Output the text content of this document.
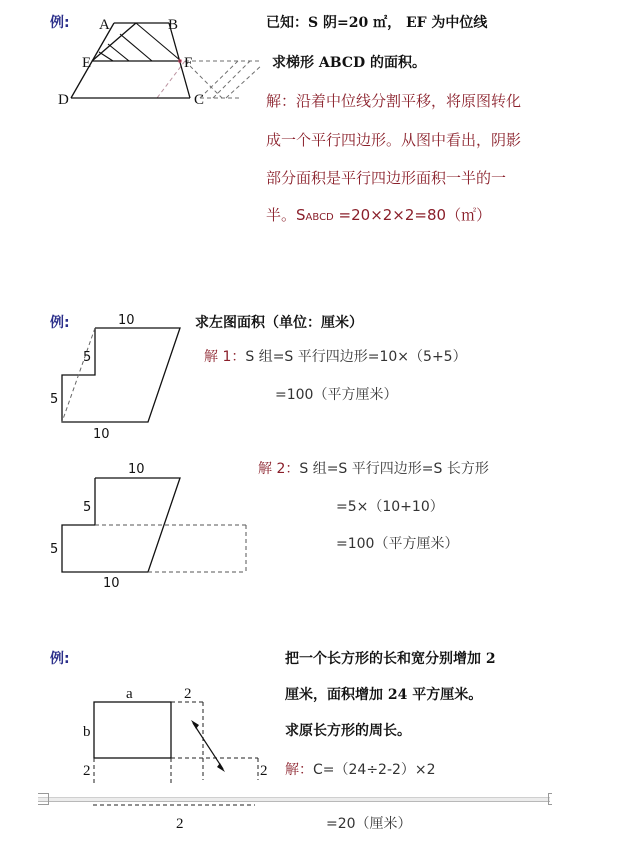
例: A	B
E	F
D	C
已知：S 阴=20 ㎡， EF 为中位线
求梯形 ABCD 的面积。
解：沿着中位线分割平移，将原图转化
成一个平行四边形。从图中看出，阴影
部分面积是平行四边形面积一半的一
半。SABCD =20×2×2=80（㎡）
例:	10
5
5
10
求左图面积（单位：厘米）
解 1：S 组=S 平行四边形=10×（5+5）
=100（平方厘米）
10
5
5
10
解 2：S 组=S 平行四边形=S 长方形
=5×（10+10）
=100（平方厘米）
例:
a
b
2
2	2
2
把一个长方形的长和宽分别增加 2
厘米，面积增加 24 平方厘米。
求原长方形的周长。
解：C=（24÷2-2）×2
=20（厘米）
